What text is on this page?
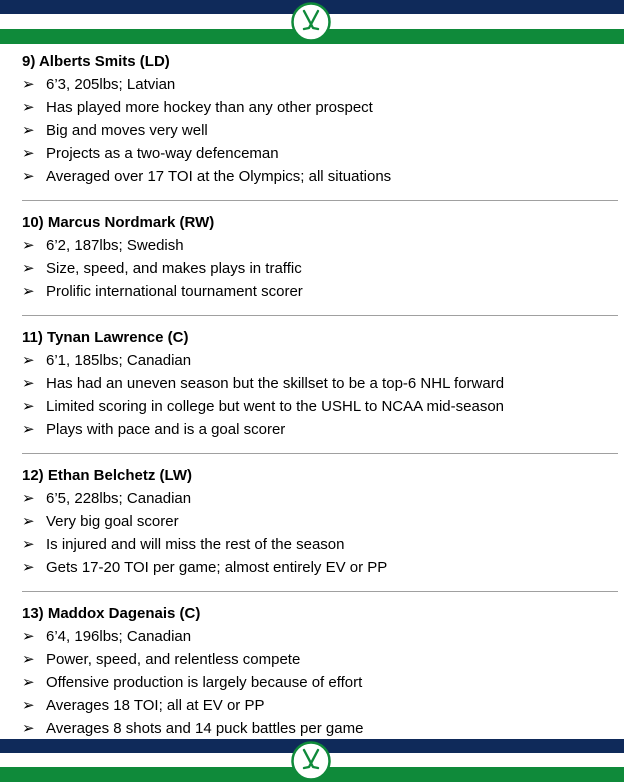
9) Alberts Smits (LD)
➢ 6’3, 205lbs; Latvian
➢ Has played more hockey than any other prospect
➢ Big and moves very well
➢ Projects as a two-way defenceman
➢ Averaged over 17 TOI at the Olympics; all situations
10) Marcus Nordmark (RW)
➢ 6’2, 187lbs; Swedish
➢ Size, speed, and makes plays in traffic
➢ Prolific international tournament scorer
11) Tynan Lawrence (C)
➢ 6’1, 185lbs; Canadian
➢ Has had an uneven season but the skillset to be a top-6 NHL forward
➢ Limited scoring in college but went to the USHL to NCAA mid-season
➢ Plays with pace and is a goal scorer
12) Ethan Belchetz (LW)
➢ 6’5, 228lbs; Canadian
➢ Very big goal scorer
➢ Is injured and will miss the rest of the season
➢ Gets 17-20 TOI per game; almost entirely EV or PP
13) Maddox Dagenais (C)
➢ 6’4, 196lbs; Canadian
➢ Power, speed, and relentless compete
➢ Offensive production is largely because of effort
➢ Averages 18 TOI; all at EV or PP
➢ Averages 8 shots and 14 puck battles per game
